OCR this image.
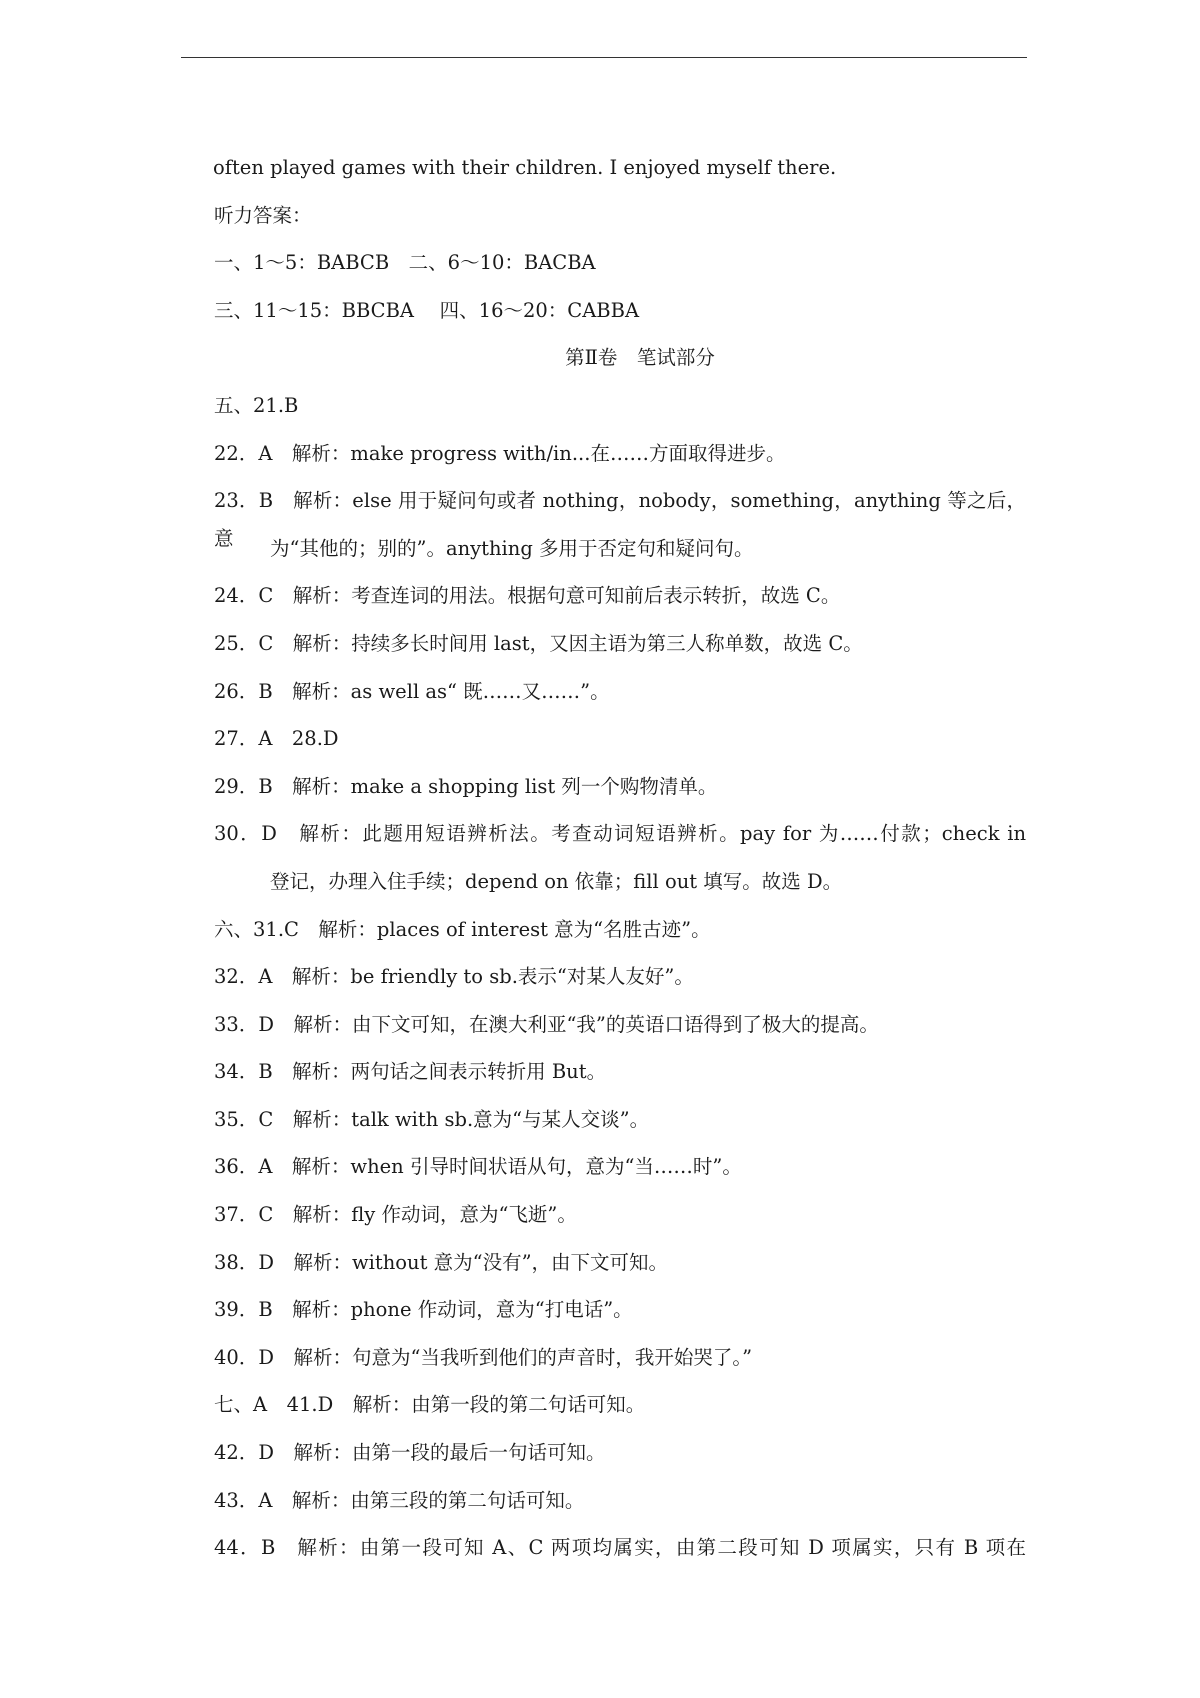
often played games with their children. I enjoyed myself there.
听力答案：
一、1～5：BABCB　二、6～10：BACBA
三、11～15：BBCBA　 四、16～20：CABBA
第Ⅱ卷　笔试部分
五、21.B
22．A　解析：make progress with/in...在……方面取得进步。
23．B　解析：else 用于疑问句或者 nothing，nobody，something，anything 等之后，意	为“其他的；别的”。anything 多用于否定句和疑问句。
24．C　解析：考查连词的用法。根据句意可知前后表示转折，故选 C。
25．C　解析：持续多长时间用 last，又因主语为第三人称单数，故选 C。
26．B　解析：as well as“ 既……又……”。
27．A　28.D
29．B　解析：make a shopping list 列一个购物清单。
30．D　解析：此题用短语辨析法。考查动词短语辨析。pay for 为……付款；check in
登记，办理入住手续；depend on 依靠；fill out 填写。故选 D。
六、31.C　解析：places of interest 意为“名胜古迹”。
32．A　解析：be friendly to sb.表示“对某人友好”。
33．D　解析：由下文可知，在澳大利亚“我”的英语口语得到了极大的提高。
34．B　解析：两句话之间表示转折用 But。
35．C　解析：talk with sb.意为“与某人交谈”。
36．A　解析：when 引导时间状语从句，意为“当……时”。
37．C　解析：fly 作动词，意为“飞逝”。
38．D　解析：without 意为“没有”，由下文可知。
39．B　解析：phone 作动词，意为“打电话”。
40．D　解析：句意为“当我听到他们的声音时，我开始哭了。”
七、A　41.D　解析：由第一段的第二句话可知。
42．D　解析：由第一段的最后一句话可知。
43．A　解析：由第三段的第二句话可知。
44．B　解析：由第一段可知 A、C 两项均属实，由第二段可知 D 项属实，只有 B 项在
